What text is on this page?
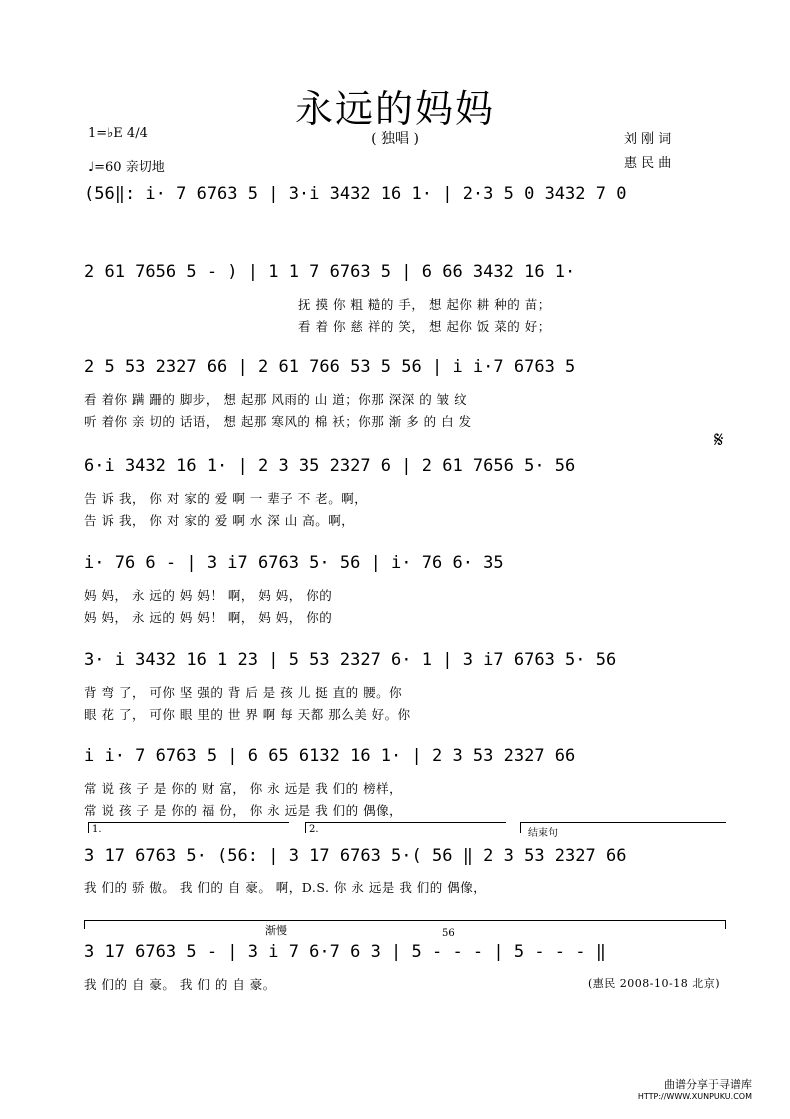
永远的妈妈
( 独唱 )
1=♭E 4/4
♩=60 亲切地
刘 刚 词
惠 民 曲
(56‖: i· 7 6763 5 | 3·i 3432 16 1· | 2·3 5 0 3432 7 0
2 61 7656 5 - ) | 1 1 7 6763 5 | 6 66 3432 16 1·
抚 摸 你 粗 糙的 手， 想 起你 耕 种的 苗；
看 着 你 慈 祥的 笑， 想 起你 饭 菜的 好；
2 5 53 2327 66 | 2 61 766 53 5 56 | i i·7 6763 5
看 着你 蹒 跚的 脚步， 想 起那 风雨的 山 道；你那 深深 的 皱 纹
听 着你 亲 切的 话语， 想 起那 寒风的 棉 袄；你那 渐 多 的 白 发
6·i 3432 16 1· | 2 3 35 2327 6 | 2 61 7656 5· 56
𝄋
告 诉 我， 你 对 家的 爱 啊 一 辈子 不 老。啊，
告 诉 我， 你 对 家的 爱 啊 水 深 山 高。啊，
i· 76 6 - | 3 i7 6763 5· 56 | i· 76 6· 35
妈 妈， 永 远的 妈 妈！ 啊， 妈 妈， 你的
妈 妈， 永 远的 妈 妈！ 啊， 妈 妈， 你的
3· i 3432 16 1 23 | 5 53 2327 6· 1 | 3 i7 6763 5· 56
背 弯 了， 可你 坚 强的 背 后 是 孩 儿 挺 直的 腰。你
眼 花 了， 可你 眼 里的 世 界 啊 每 天都 那么美 好。你
i i· 7 6763 5 | 6 65 6132 16 1· | 2 3 53 2327 66
常 说 孩 子 是 你的 财 富， 你 永 远是 我 们的 榜样，
常 说 孩 子 是 你的 福 份， 你 永 远是 我 们的 偶像，
1.	2.	结束句
3 17 6763 5· (56: | 3 17 6763 5·( 56 ‖ 2 3 53 2327 66
我 们的 骄 傲。 我 们的 自 豪。 啊，D.S. 你 永 远是 我 们的 偶像，
渐慢	56
3 17 6763 5 - | 3 i 7 6·7 6 3 | 5 - - - | 5 - - - ‖
我 们的 自 豪。 我 们 的 自 豪。	(惠民 2008-10-18 北京)
曲谱分享于寻谱库
HTTP://WWW.XUNPUKU.COM
